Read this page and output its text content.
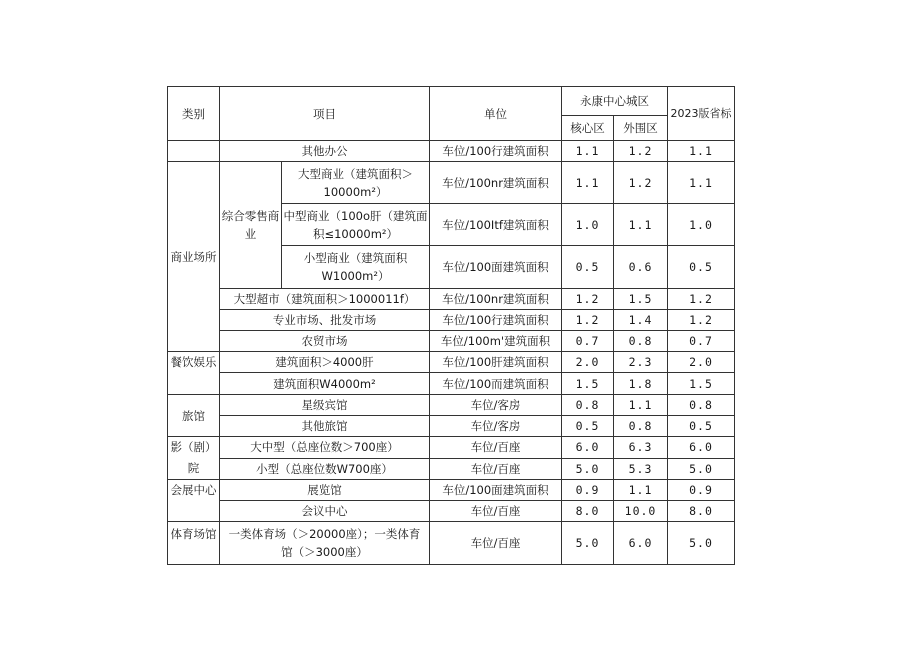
类别	项目		单位	永康中心城区		2023版省标
				核心区	外围区	
	其他办公		车位/100行建筑面积	1.1	1.2	1.1
商业场所	综合零售商业	大型商业（建筑面积＞10000m²）	车位/100nr建筑面积	1.1	1.2	1.1
		中型商业（100o肝（建筑面积≤10000m²）	车位/100Itf建筑面积	1.0	1.1	1.0
		小型商业（建筑面积W1000m²）	车位/100面建筑面积	0.5	0.6	0.5
	大型超市（建筑面积＞1000011f）		车位/100nr建筑面积	1.2	1.5	1.2
	专业市场、批发市场		车位/100行建筑面积	1.2	1.4	1.2
	农贸市场		车位/100m'建筑面积	0.7	0.8	0.7
餐饮娱乐	建筑面积＞4000肝		车位/100肝建筑面积	2.0	2.3	2.0
	建筑面积W4000m²		车位/100而建筑面积	1.5	1.8	1.5
旅馆	星级宾馆		车位/客房	0.8	1.1	0.8
	其他旅馆		车位/客房	0.5	0.8	0.5
影（剧）院	大中型（总座位数＞700座）		车位/百座	6.0	6.3	6.0
	小型（总座位数W700座）		车位/百座	5.0	5.3	5.0
会展中心	展览馆		车位/100面建筑面积	0.9	1.1	0.9
	会议中心		车位/百座	8.0	10.0	8.0
体育场馆	一类体育场（＞20000座）；一类体育馆（＞3000座）		车位/百座	5.0	6.0	5.0
